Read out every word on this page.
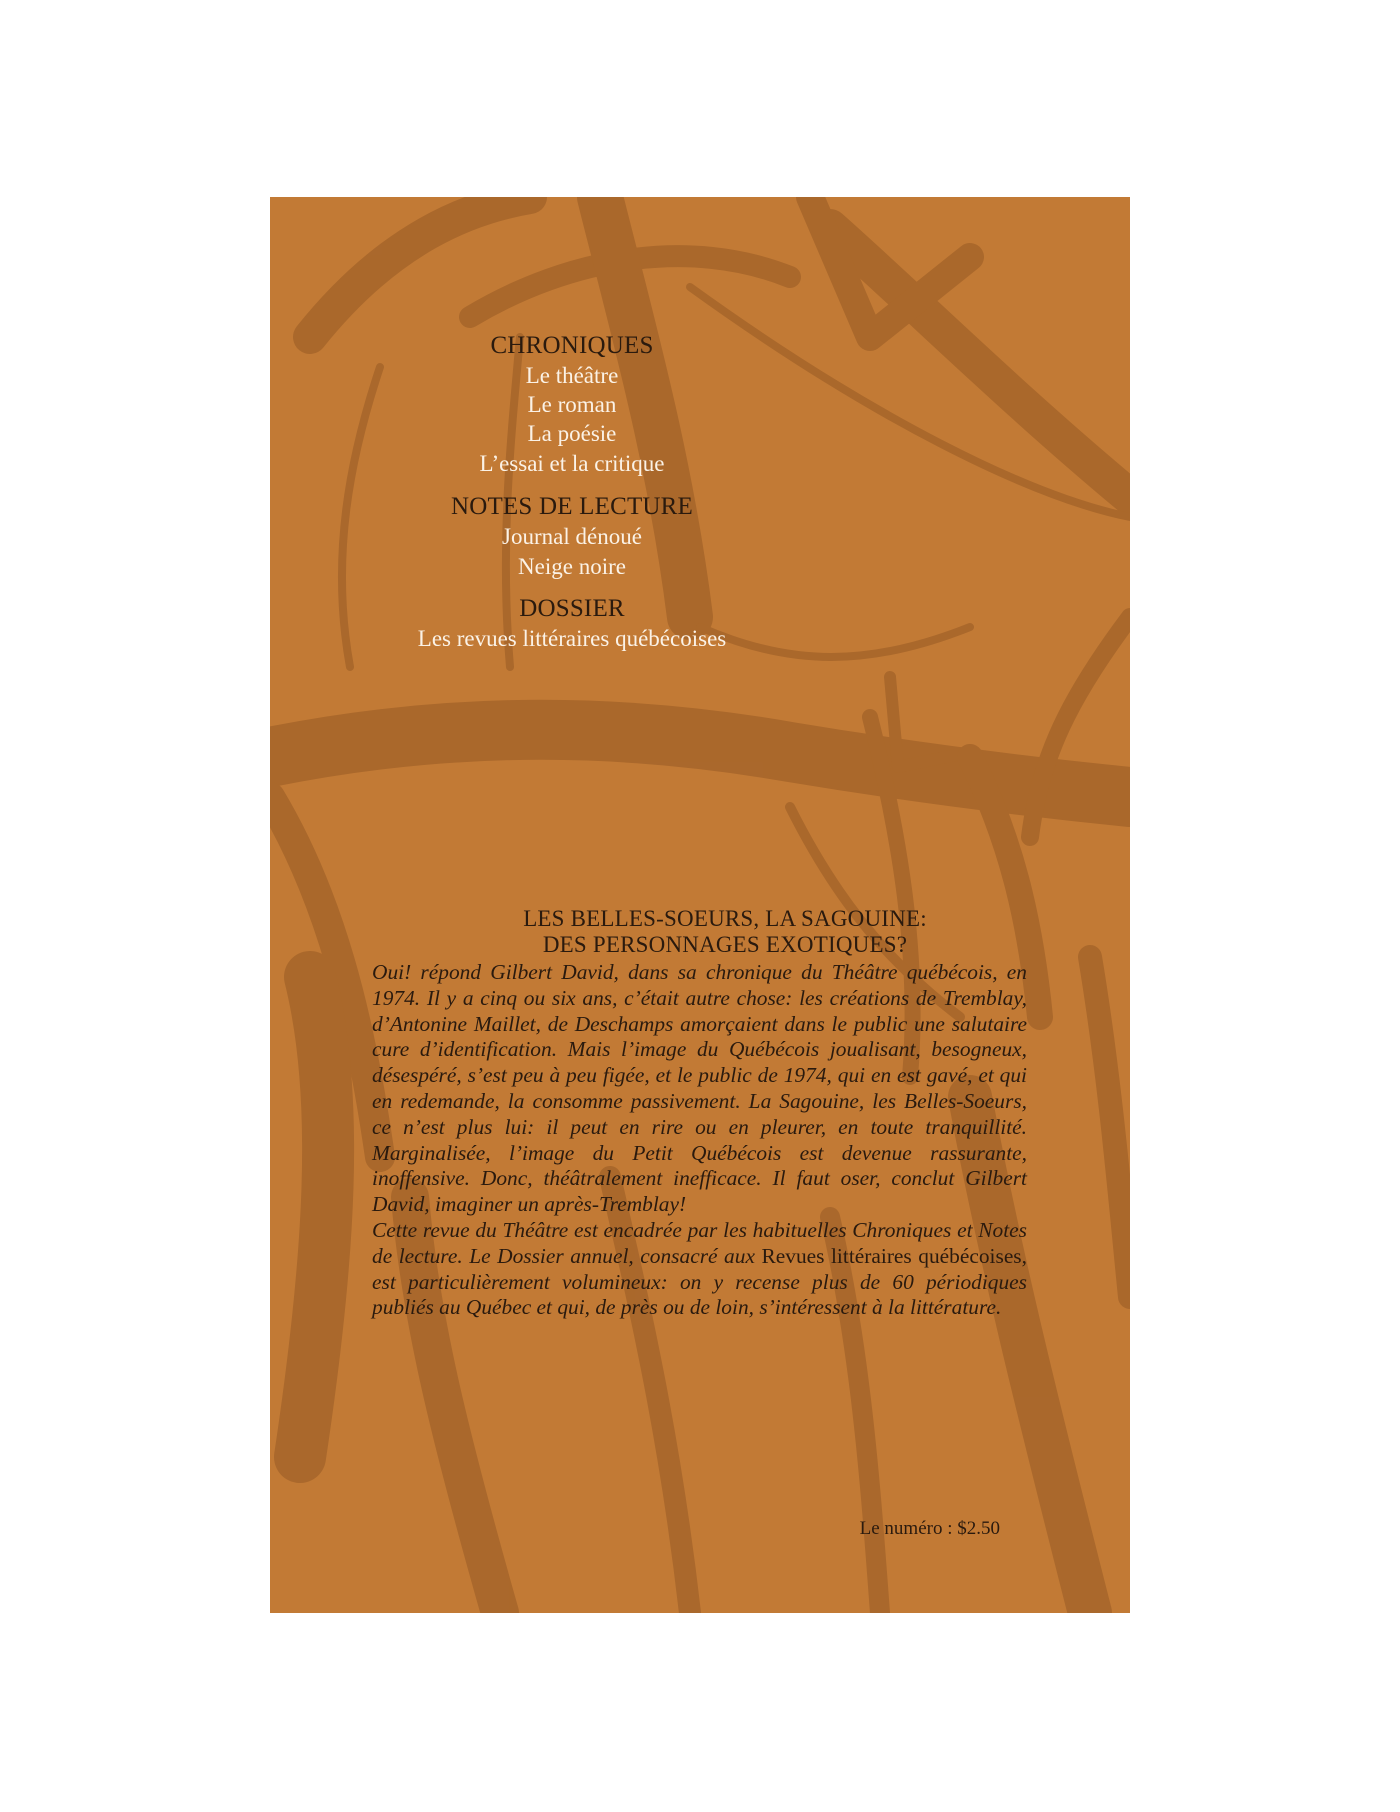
CHRONIQUES
Le théâtre
Le roman
La poésie
L’essai et la critique
NOTES DE LECTURE
Journal dénoué
Neige noire
DOSSIER
Les revues littéraires québécoises
LES BELLES-SOEURS, LA SAGOUINE:
DES PERSONNAGES EXOTIQUES?

Oui! répond Gilbert David, dans sa chronique du Théâtre québécois, en 1974. Il y a cinq ou six ans, c’était autre chose: les créations de Tremblay, d’Antonine Maillet, de Deschamps amorçaient dans le public une salutaire cure d’identification. Mais l’image du Québécois joualisant, besogneux, désespéré, s’est peu à peu figée, et le public de 1974, qui en est gavé, et qui en redemande, la consomme passivement. La Sagouine, les Belles-Soeurs, ce n’est plus lui: il peut en rire ou en pleurer, en toute tranquillité. Marginalisée, l’image du Petit Québécois est devenue rassurante, inoffensive. Donc, théâtralement inefficace. Il faut oser, conclut Gilbert David, imaginer un après-Tremblay!

Cette revue du Théâtre est encadrée par les habituelles Chroniques et Notes de lecture. Le Dossier annuel, consacré aux Revues littéraires québécoises, est particulièrement volumineux: on y recense plus de 60 périodiques publiés au Québec et qui, de près ou de loin, s’intéressent à la littérature.

Le numéro : $2.50
